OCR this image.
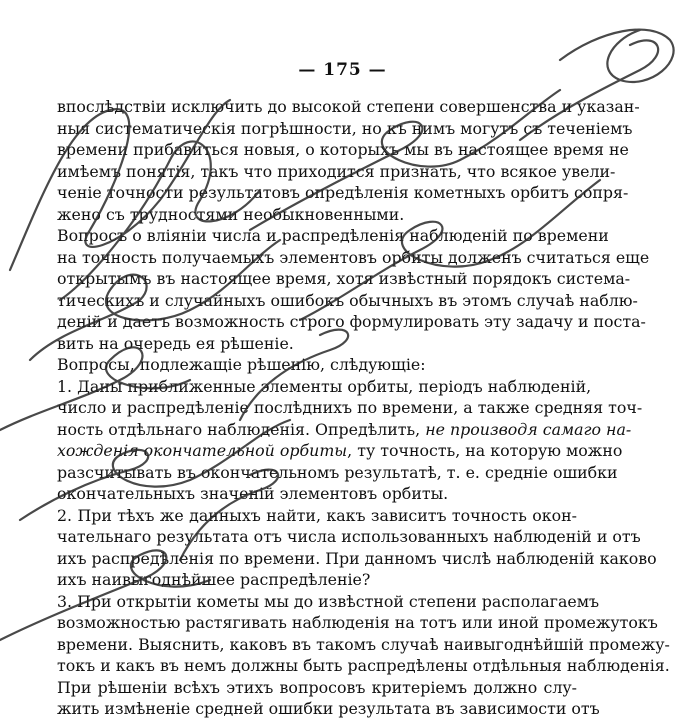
— 175 —
впослѣдствіи исключить до высокой степени совершенства и указан-
ныя систематическія погрѣшности, но къ нимъ могутъ съ теченіемъ
времени прибавиться новыя, о которыхъ мы въ настоящее время не
имѣемъ понятія, такъ что приходится признать, что всякое увели-
ченіе точности результатовъ опредѣленія кометныхъ орбитъ сопря-
жено съ трудностями необыкновенными.
Вопросъ о вліяніи числа и распредѣленія наблюденій по времени
на точность получаемыхъ элементовъ орбиты долженъ считаться еще
открытымъ въ настоящее время, хотя извѣстный порядокъ система-
тическихъ и случайныхъ ошибокъ обычныхъ въ этомъ случаѣ наблю-
деній и даетъ возможность строго формулировать эту задачу и поста-
вить на очередь ея рѣшеніе.
Вопросы, подлежащіе рѣшенію, слѣдующіе:
1. Даны приближенные элементы орбиты, періодъ наблюденій,
число и распредѣленіе послѣднихъ по времени, а также средняя точ-
ность отдѣльнаго наблюденія. Опредѣлить, не производя самаго на-
хожденія окончательной орбиты, ту точность, на которую можно
разсчитывать въ окончательномъ результатѣ, т. е. средніе ошибки
окончательныхъ значеній элементовъ орбиты.
2. При тѣхъ же данныхъ найти, какъ зависитъ точность окон-
чательнаго результата отъ числа использованныхъ наблюденій и отъ
ихъ распредѣленія по времени. При данномъ числѣ наблюденій каково
ихъ наивыгоднѣйшее распредѣленіе?
3. При открытіи кометы мы до извѣстной степени располагаемъ
возможностью растягивать наблюденія на тотъ или иной промежутокъ
времени. Выяснить, каковъ въ такомъ случаѣ наивыгоднѣйшій промежу-
токъ и какъ въ немъ должны быть распредѣлены отдѣльныя наблюденія.
При рѣшеніи всѣхъ этихъ вопросовъ критеріемъ должно слу-
жить измѣненіе средней ошибки результата въ зависимости отъ
